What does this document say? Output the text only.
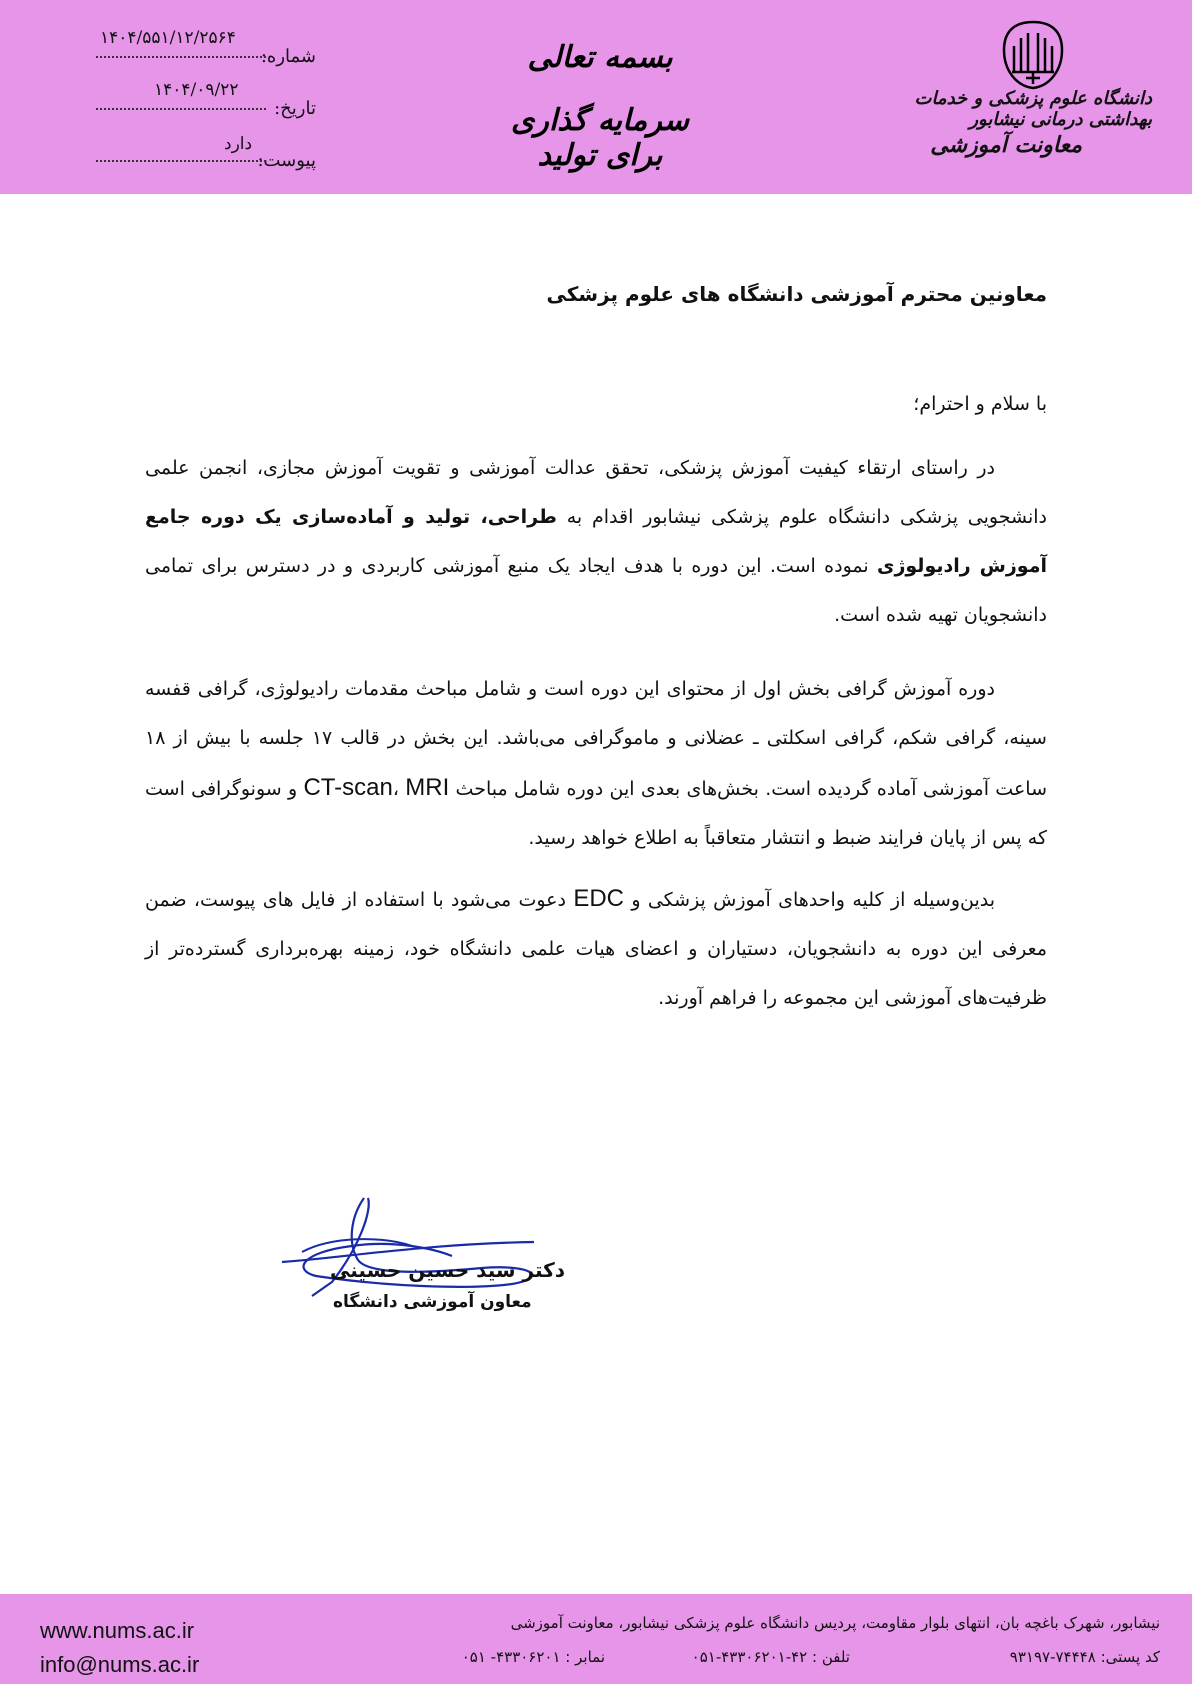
شماره:
۱۴۰۴/۵۵۱/۱۲/۲۵۶۴
تاریخ:
۱۴۰۴/۰۹/۲۲
پیوست:
دارد
بسمه تعالی
سرمایه گذاری برای تولید
دانشگاه علوم پزشکی و خدمات بهداشتی درمانی نیشابور
معاونت آموزشی
معاونین محترم آموزشی دانشگاه های علوم پزشکی
با سلام و احترام؛

در راستای ارتقاء کیفیت آموزش پزشکی، تحقق عدالت آموزشی و تقویت آموزش مجازی، انجمن علمی دانشجویی پزشکی دانشگاه علوم پزشکی نیشابور اقدام به طراحی، تولید و آماده‌سازی یک دوره جامع آموزش رادیولوژی نموده است. این دوره با هدف ایجاد یک منبع آموزشی کاربردی و در دسترس برای تمامی دانشجویان تهیه شده است.

دوره آموزش گرافی بخش اول از محتوای این دوره است و شامل مباحث مقدمات رادیولوژی، گرافی قفسه سینه، گرافی شکم، گرافی اسکلتی ـ عضلانی و ماموگرافی می‌باشد. این بخش در قالب ۱۷ جلسه با بیش از ۱۸ ساعت آموزشی آماده گردیده است. بخش‌های بعدی این دوره شامل مباحث CT-scan، MRI و سونوگرافی است که پس از پایان فرایند ضبط و انتشار متعاقباً به اطلاع خواهد رسید.

بدین‌وسیله از کلیه واحدهای آموزش پزشکی و EDC دعوت می‌شود با استفاده از فایل های پیوست، ضمن معرفی این دوره به دانشجویان، دستیاران و اعضای هیات علمی دانشگاه خود، زمینه بهره‌برداری گسترده‌تر از ظرفیت‌های آموزشی این مجموعه را فراهم آورند.

دکتر سید حسین حسینی
معاون آموزشی دانشگاه
www.nums.ac.ir
info@nums.ac.ir
نیشابور، شهرک باغچه بان، انتهای بلوار مقاومت، پردیس دانشگاه علوم پزشکی نیشابور، معاونت آموزشی
کد پستی: ۷۴۴۴۸-۹۳۱۹۷
تلفن : ۴۲-۴۳۳۰۶۲۰۱-۰۵۱
نمابر : ۴۳۳۰۶۲۰۱- ۰۵۱
